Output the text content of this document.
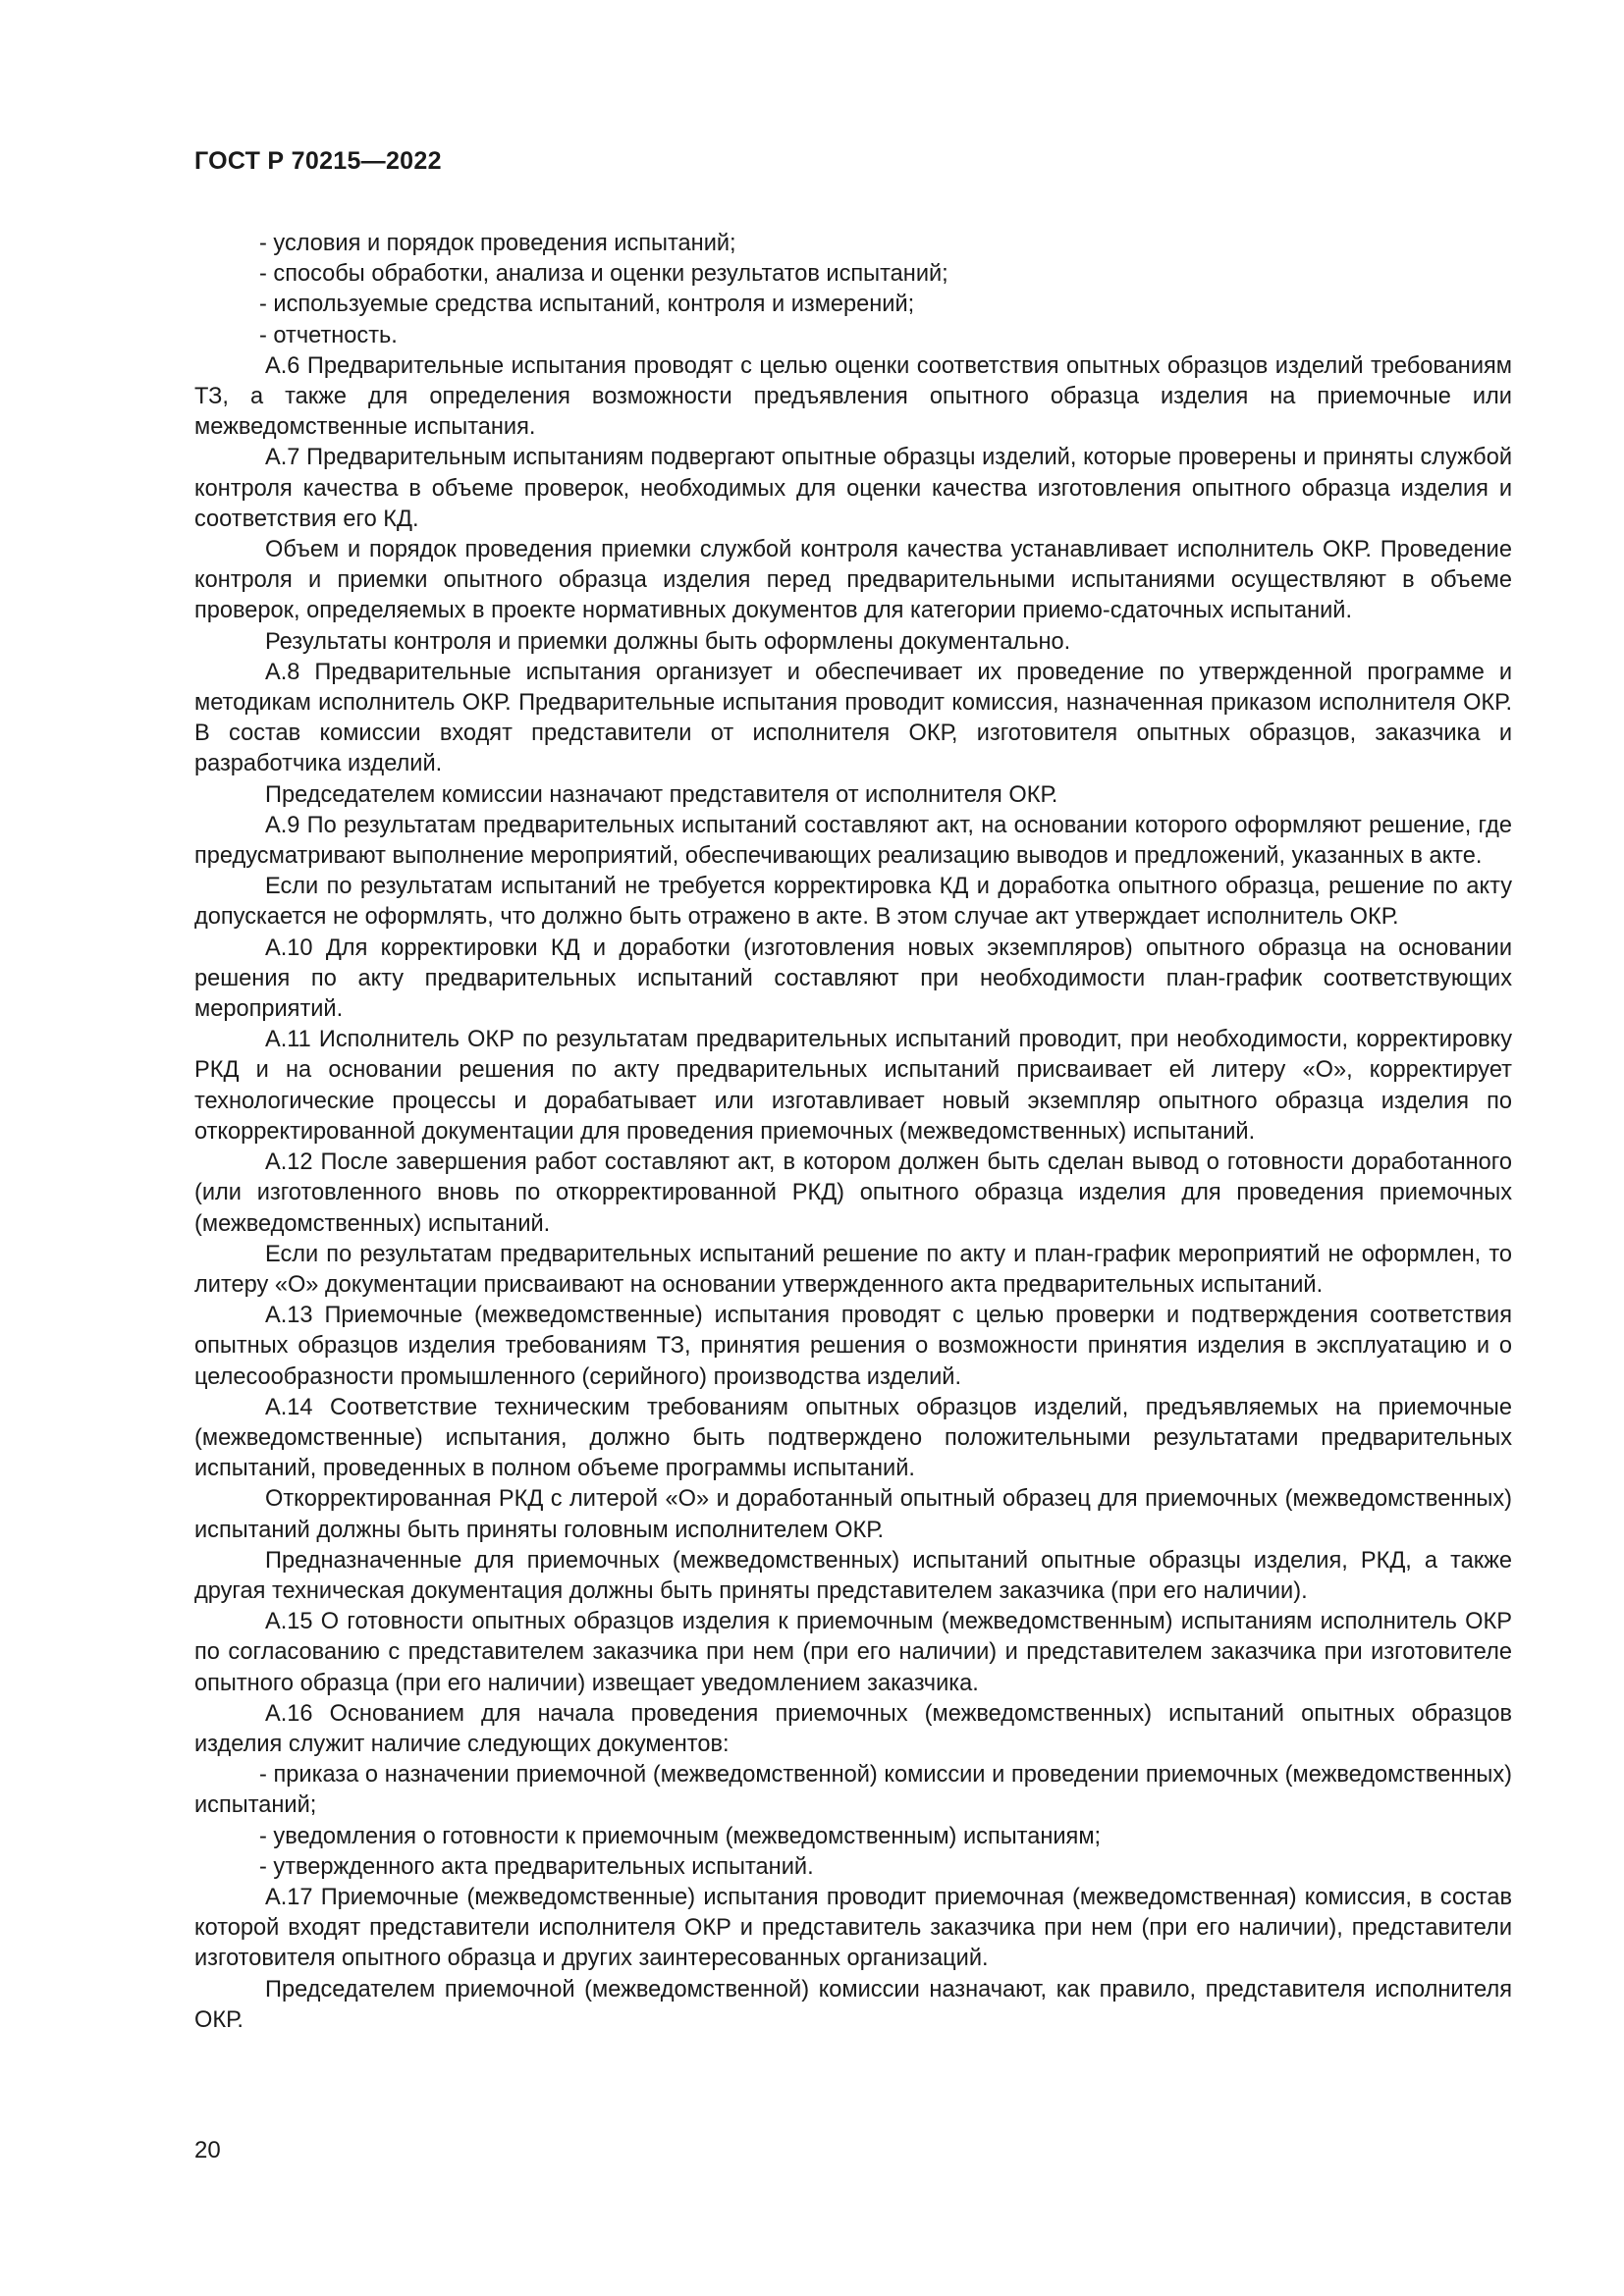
ГОСТ Р 70215—2022

- условия и порядок проведения испытаний;

- способы обработки, анализа и оценки результатов испытаний;

- используемые средства испытаний, контроля и измерений;

- отчетность.

А.6 Предварительные испытания проводят с целью оценки соответствия опытных образцов изделий требованиям ТЗ, а также для определения возможности предъявления опытного образца изделия на приемочные или межведомственные испытания.

А.7 Предварительным испытаниям подвергают опытные образцы изделий, которые проверены и приняты службой контроля качества в объеме проверок, необходимых для оценки качества изготовления опытного образца изделия и соответствия его КД.

Объем и порядок проведения приемки службой контроля качества устанавливает исполнитель ОКР. Проведение контроля и приемки опытного образца изделия перед предварительными испытаниями осуществляют в объеме проверок, определяемых в проекте нормативных документов для категории приемо-сдаточных испытаний.

Результаты контроля и приемки должны быть оформлены документально.

А.8 Предварительные испытания организует и обеспечивает их проведение по утвержденной программе и методикам исполнитель ОКР. Предварительные испытания проводит комиссия, назначенная приказом исполнителя ОКР. В состав комиссии входят представители от исполнителя ОКР, изготовителя опытных образцов, заказчика и разработчика изделий.

Председателем комиссии назначают представителя от исполнителя ОКР.

А.9 По результатам предварительных испытаний составляют акт, на основании которого оформляют решение, где предусматривают выполнение мероприятий, обеспечивающих реализацию выводов и предложений, указанных в акте.

Если по результатам испытаний не требуется корректировка КД и доработка опытного образца, решение по акту допускается не оформлять, что должно быть отражено в акте. В этом случае акт утверждает исполнитель ОКР.

А.10 Для корректировки КД и доработки (изготовления новых экземпляров) опытного образца на основании решения по акту предварительных испытаний составляют при необходимости план-график соответствующих мероприятий.

А.11 Исполнитель ОКР по результатам предварительных испытаний проводит, при необходимости, корректировку РКД и на основании решения по акту предварительных испытаний присваивает ей литеру «О», корректирует технологические процессы и дорабатывает или изготавливает новый экземпляр опытного образца изделия по откорректированной документации для проведения приемочных (межведомственных) испытаний.

А.12 После завершения работ составляют акт, в котором должен быть сделан вывод о готовности доработанного (или изготовленного вновь по откорректированной РКД) опытного образца изделия для проведения приемочных (межведомственных) испытаний.

Если по результатам предварительных испытаний решение по акту и план-график мероприятий не оформлен, то литеру «О» документации присваивают на основании утвержденного акта предварительных испытаний.

А.13 Приемочные (межведомственные) испытания проводят с целью проверки и подтверждения соответствия опытных образцов изделия требованиям ТЗ, принятия решения о возможности принятия изделия в эксплуатацию и о целесообразности промышленного (серийного) производства изделий.

А.14 Соответствие техническим требованиям опытных образцов изделий, предъявляемых на приемочные (межведомственные) испытания, должно быть подтверждено положительными результатами предварительных испытаний, проведенных в полном объеме программы испытаний.

Откорректированная РКД с литерой «О» и доработанный опытный образец для приемочных (межведомственных) испытаний должны быть приняты головным исполнителем ОКР.

Предназначенные для приемочных (межведомственных) испытаний опытные образцы изделия, РКД, а также другая техническая документация должны быть приняты представителем заказчика (при его наличии).

А.15 О готовности опытных образцов изделия к приемочным (межведомственным) испытаниям исполнитель ОКР по согласованию с представителем заказчика при нем (при его наличии) и представителем заказчика при изготовителе опытного образца (при его наличии) извещает уведомлением заказчика.

А.16 Основанием для начала проведения приемочных (межведомственных) испытаний опытных образцов изделия служит наличие следующих документов:

- приказа о назначении приемочной (межведомственной) комиссии и проведении приемочных (межведомственных) испытаний;

- уведомления о готовности к приемочным (межведомственным) испытаниям;

- утвержденного акта предварительных испытаний.

А.17 Приемочные (межведомственные) испытания проводит приемочная (межведомственная) комиссия, в состав которой входят представители исполнителя ОКР и представитель заказчика при нем (при его наличии), представители изготовителя опытного образца и других заинтересованных организаций.

Председателем приемочной (межведомственной) комиссии назначают, как правило, представителя исполнителя ОКР.

20
